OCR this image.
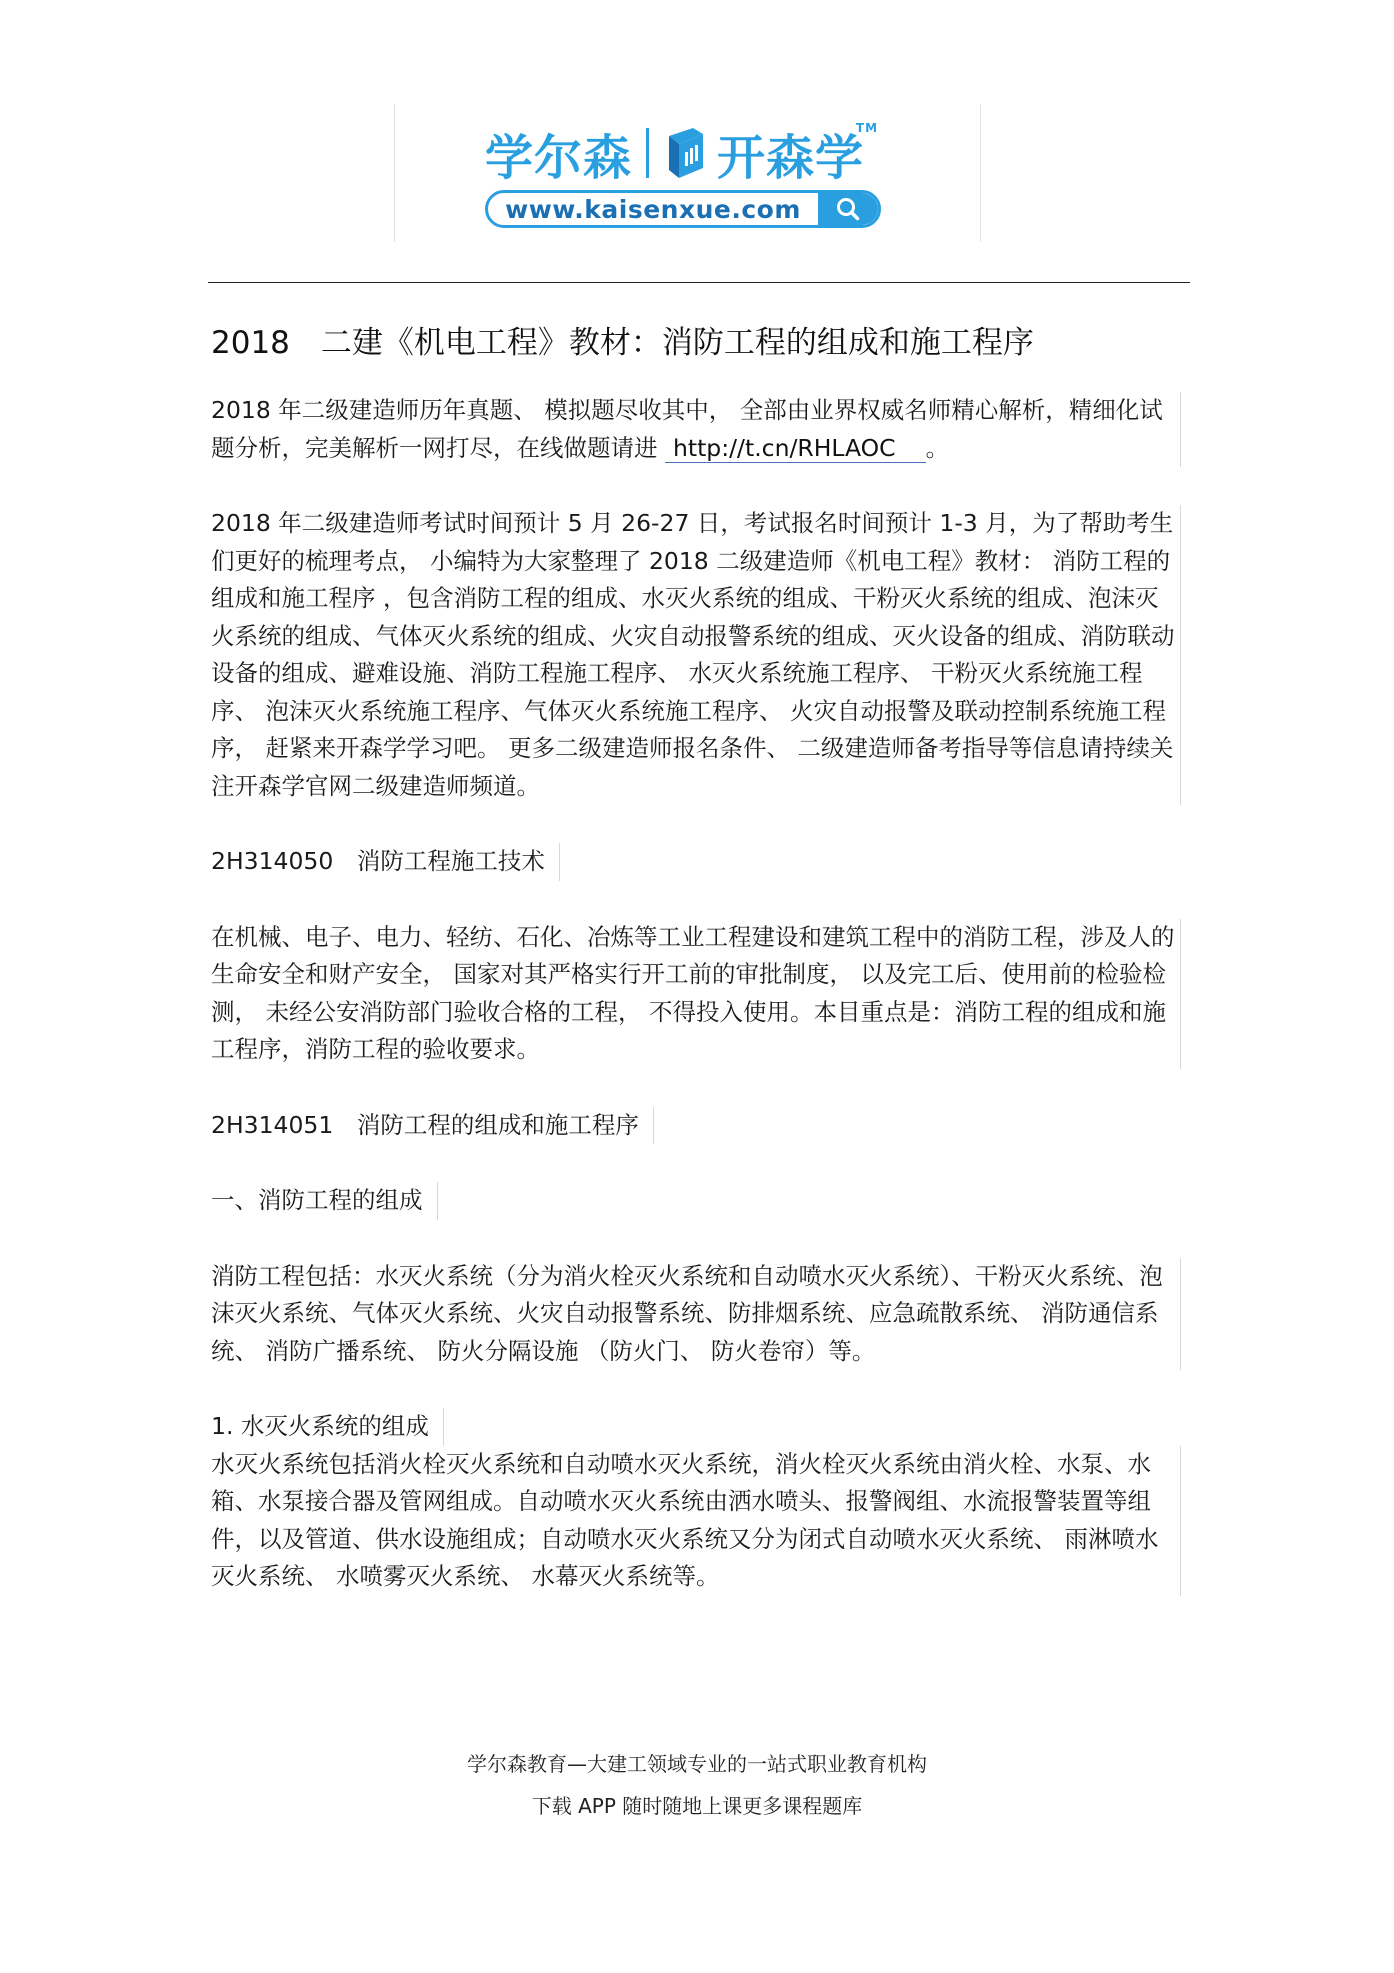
学尔森 开森学
TM
www.kaisenxue.com
2018　二建《机电工程》教材：消防工程的组成和施工程序

2018 年二级建造师历年真题、 模拟题尽收其中， 全部由业界权威名师精心解析，精细化试题分析，完美解析一网打尽，在线做题请进 http://t.cn/RHLAOC 。

2018 年二级建造师考试时间预计 5 月 26-27 日，考试报名时间预计 1-3 月，为了帮助考生们更好的梳理考点， 小编特为大家整理了 2018 二级建造师《机电工程》教材： 消防工程的组成和施工程序 ，包含消防工程的组成、水灭火系统的组成、干粉灭火系统的组成、泡沫灭火系统的组成、气体灭火系统的组成、火灾自动报警系统的组成、灭火设备的组成、消防联动设备的组成、避难设施、消防工程施工程序、 水灭火系统施工程序、 干粉灭火系统施工程序、 泡沫灭火系统施工程序、气体灭火系统施工程序、 火灾自动报警及联动控制系统施工程序， 赶紧来开森学学习吧。 更多二级建造师报名条件、 二级建造师备考指导等信息请持续关注开森学官网二级建造师频道。

2H314050　消防工程施工技术

在机械、电子、电力、轻纺、石化、冶炼等工业工程建设和建筑工程中的消防工程，涉及人的生命安全和财产安全， 国家对其严格实行开工前的审批制度， 以及完工后、使用前的检验检测， 未经公安消防部门验收合格的工程， 不得投入使用。本目重点是：消防工程的组成和施工程序，消防工程的验收要求。

2H314051　消防工程的组成和施工程序
一、消防工程的组成

消防工程包括：水灭火系统（分为消火栓灭火系统和自动喷水灭火系统）、干粉灭火系统、泡沫灭火系统、气体灭火系统、火灾自动报警系统、防排烟系统、应急疏散系统、 消防通信系统、 消防广播系统、 防火分隔设施 （防火门、 防火卷帘）等。

1. 水灭火系统的组成

水灭火系统包括消火栓灭火系统和自动喷水灭火系统，消火栓灭火系统由消火栓、水泵、水箱、水泵接合器及管网组成。自动喷水灭火系统由洒水喷头、报警阀组、水流报警装置等组件，以及管道、供水设施组成；自动喷水灭火系统又分为闭式自动喷水灭火系统、 雨淋喷水灭火系统、 水喷雾灭火系统、 水幕灭火系统等。

学尔森教育—大建工领域专业的一站式职业教育机构
下载 APP 随时随地上课更多课程题库
